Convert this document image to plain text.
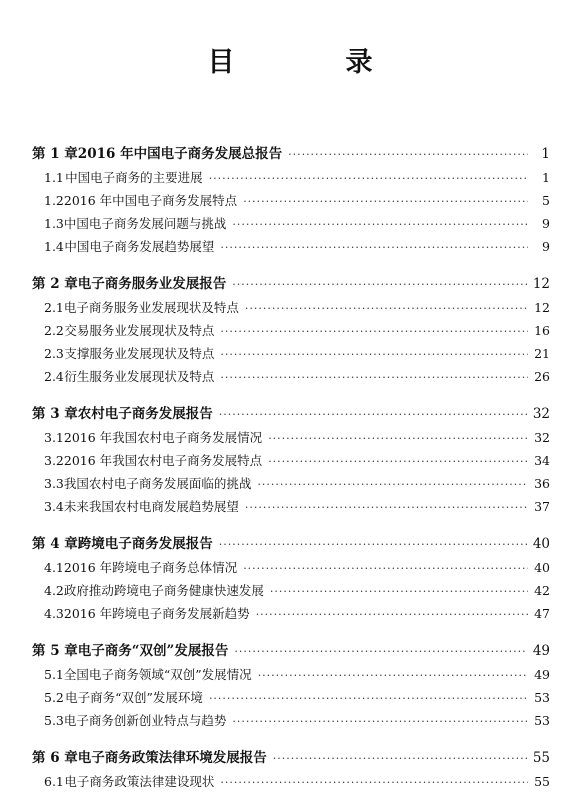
目　录
第 1 章 2016 年中国电子商务发展总报告 ·····	1
1.1 中国电子商务的主要进展 ·····	1
1.2 2016 年中国电子商务发展特点 ·····	5
1.3 中国电子商务发展问题与挑战 ·····	9
1.4 中国电子商务发展趋势展望 ·····	9
第 2 章 电子商务服务业发展报告 ·····	12
2.1 电子商务服务业发展现状及特点 ·····	12
2.2 交易服务业发展现状及特点 ·····	16
2.3 支撑服务业发展现状及特点 ·····	21
2.4 衍生服务业发展现状及特点 ·····	26
第 3 章 农村电子商务发展报告 ·····	32
3.1 2016 年我国农村电子商务发展情况 ·····	32
3.2 2016 年我国农村电子商务发展特点 ·····	34
3.3 我国农村电子商务发展面临的挑战 ·····	36
3.4 未来我国农村电商发展趋势展望 ·····	37
第 4 章 跨境电子商务发展报告 ·····	40
4.1 2016 年跨境电子商务总体情况 ·····	40
4.2 政府推动跨境电子商务健康快速发展 ·····	42
4.3 2016 年跨境电子商务发展新趋势 ·····	47
第 5 章 电子商务“双创”发展报告 ·····	49
5.1 全国电子商务领域“双创”发展情况 ·····	49
5.2 电子商务“双创”发展环境 ·····	53
5.3 电子商务创新创业特点与趋势 ·····	53
第 6 章 电子商务政策法律环境发展报告 ·····	55
6.1 电子商务政策法律建设现状 ·····	55
